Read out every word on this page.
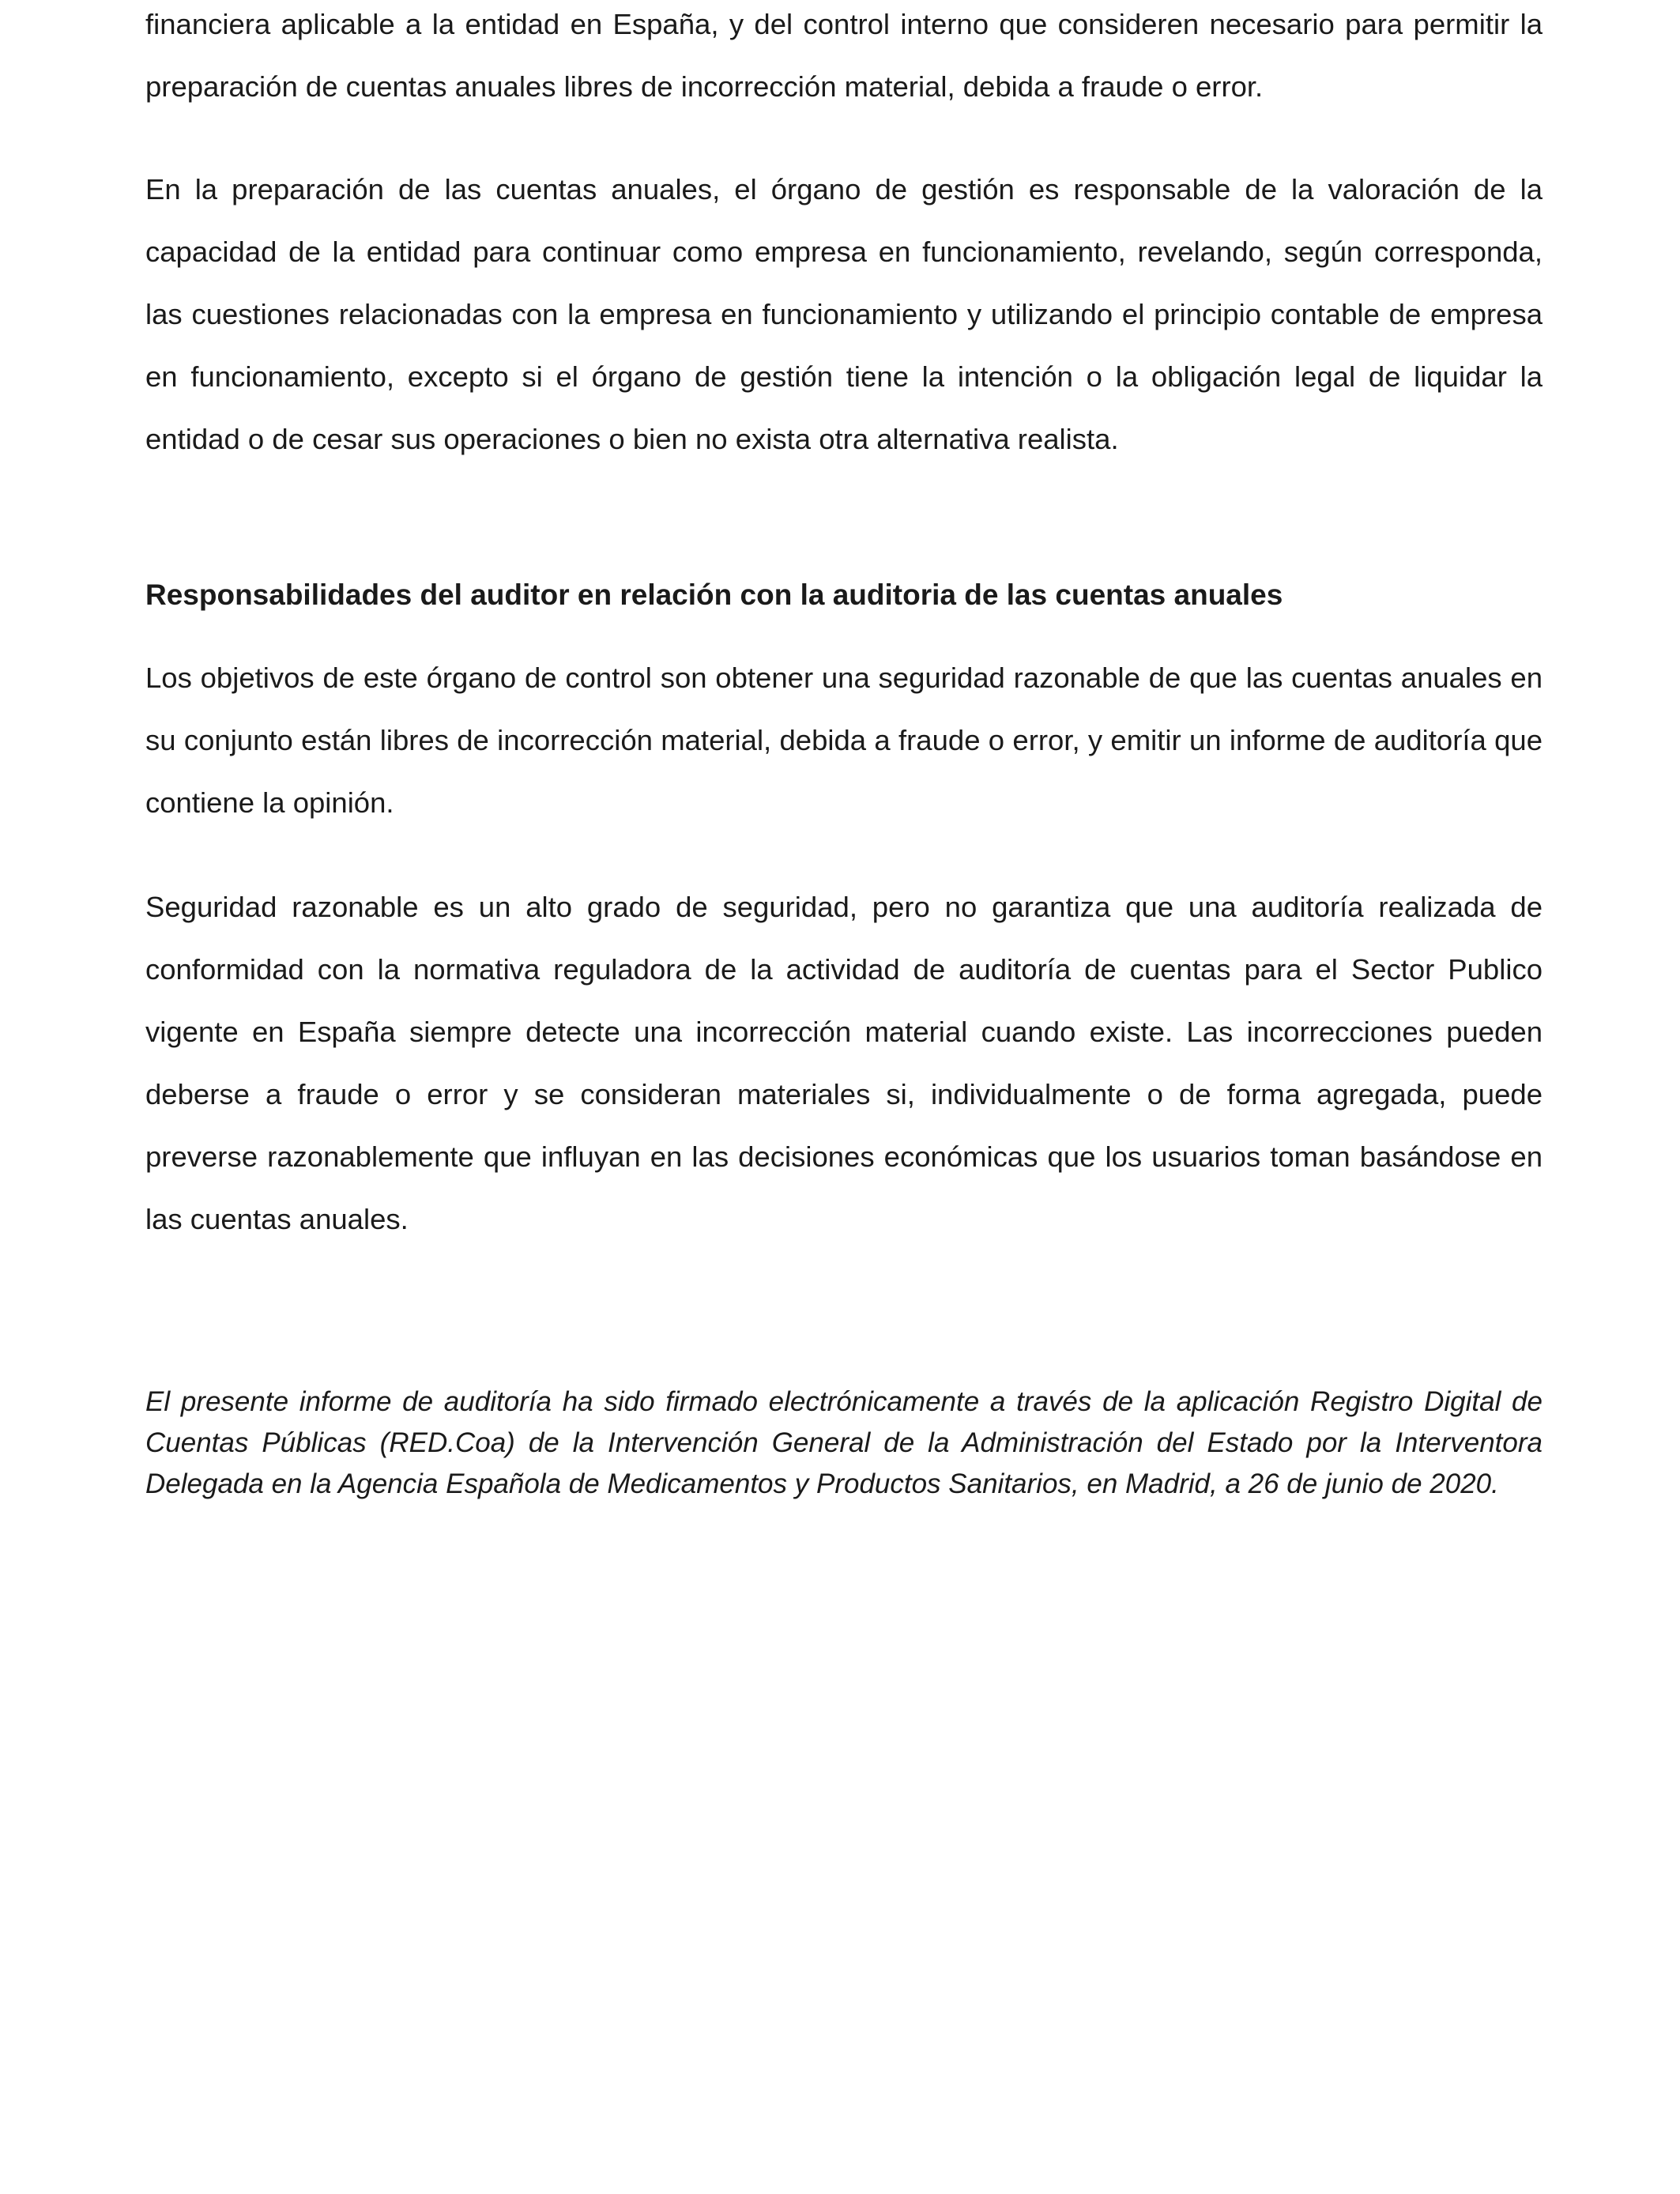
financiera aplicable a la entidad en España, y del control interno que consideren necesario para permitir la preparación de cuentas anuales libres de incorrección material, debida a fraude o error.

En la preparación de las cuentas anuales, el órgano de gestión es responsable de la valoración de la capacidad de la entidad para continuar como empresa en funcionamiento, revelando, según corresponda, las cuestiones relacionadas con la empresa en funcionamiento y utilizando el principio contable de empresa en funcionamiento, excepto si el órgano de gestión tiene la intención o la obligación legal de liquidar la entidad o de cesar sus operaciones o bien no exista otra alternativa realista.

Responsabilidades del auditor en relación con la auditoria de las cuentas anuales

Los objetivos de este órgano de control son obtener una seguridad razonable de que las cuentas anuales en su conjunto están libres de incorrección material, debida a fraude o error, y emitir un informe de auditoría que contiene la opinión.

Seguridad razonable es un alto grado de seguridad, pero no garantiza que una auditoría realizada de conformidad con la normativa reguladora de la actividad de auditoría de cuentas para el Sector Publico vigente en España siempre detecte una incorrección material cuando existe. Las incorrecciones pueden deberse a fraude o error y se consideran materiales si, individualmente o de forma agregada, puede preverse razonablemente que influyan en las decisiones económicas que los usuarios toman basándose en las cuentas anuales.

El presente informe de auditoría ha sido firmado electrónicamente a través de la aplicación Registro Digital de Cuentas Públicas (RED.Coa) de la Intervención General de la Administración del Estado por la Interventora Delegada en la Agencia Española de Medicamentos y Productos Sanitarios, en Madrid, a 26 de junio de 2020.
